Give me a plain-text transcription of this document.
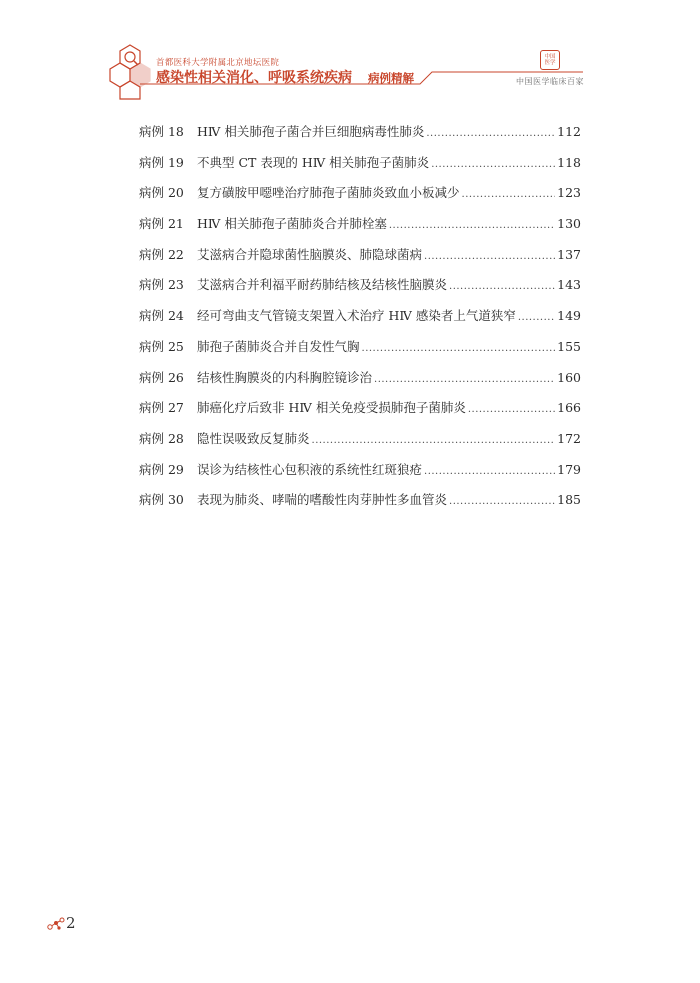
首都医科大学附属北京地坛医院
感染性相关消化、呼吸系统疾病 病例精解
中国医学
中国医学临床百家
病例 18	HⅣ 相关肺孢子菌合并巨细胞病毒性肺炎 .....	112
病例 19	不典型 CT 表现的 HⅣ 相关肺孢子菌肺炎 .....	118
病例 20	复方磺胺甲噁唑治疗肺孢子菌肺炎致血小板减少 .....	123
病例 21	HⅣ 相关肺孢子菌肺炎合并肺栓塞 .....	130
病例 22	艾滋病合并隐球菌性脑膜炎、肺隐球菌病 .....	137
病例 23	艾滋病合并利福平耐药肺结核及结核性脑膜炎 .....	143
病例 24	经可弯曲支气管镜支架置入术治疗 HⅣ 感染者上气道狭窄 .....	149
病例 25	肺孢子菌肺炎合并自发性气胸 .....	155
病例 26	结核性胸膜炎的内科胸腔镜诊治 .....	160
病例 27	肺癌化疗后致非 HⅣ 相关免疫受损肺孢子菌肺炎 .....	166
病例 28	隐性误吸致反复肺炎 .....	172
病例 29	误诊为结核性心包积液的系统性红斑狼疮 .....	179
病例 30	表现为肺炎、哮喘的嗜酸性肉芽肿性多血管炎 .....	185
2
